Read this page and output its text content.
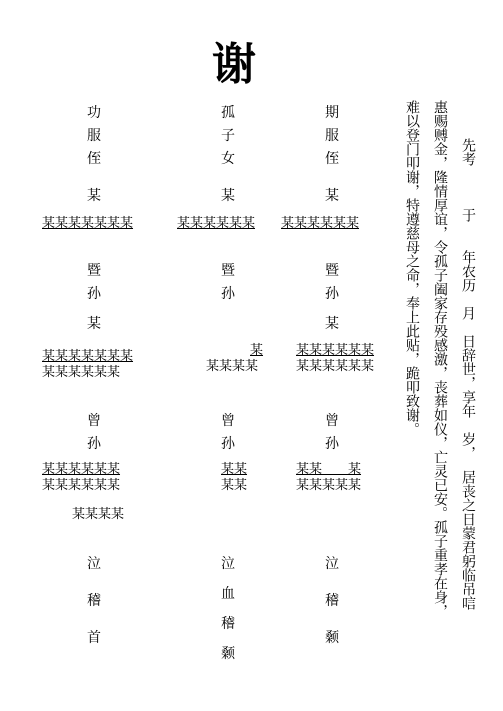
谢
先考　　　于　　年农历　月　日辞世，享年　岁，
居丧之日蒙君躬临吊唁
惠赐赙金，隆情厚谊，令孤子阖家存殁感激，丧葬如仪，亡灵已安。孤子重孝在身，
难以登门叩谢，特遵慈母之命，奉上此贴，跪叩致谢。
功
服
侄
某
某某某某某某某
暨
孙
某
某某某某某某某
某某某某某某
曾
孙
某某某某某某
某某某某某某
某某某某
泣
稽
首
孤
子
女
某
某某某某某某
暨
孙
某
某某某某
曾
孙
某某
某某
泣
血
稽
颡
期
服
侄
某
某某某某某某
暨
孙
某
某某某某某某
某某某某某某
曾
孙
某某　　某
某某某某某
泣
稽
颡
